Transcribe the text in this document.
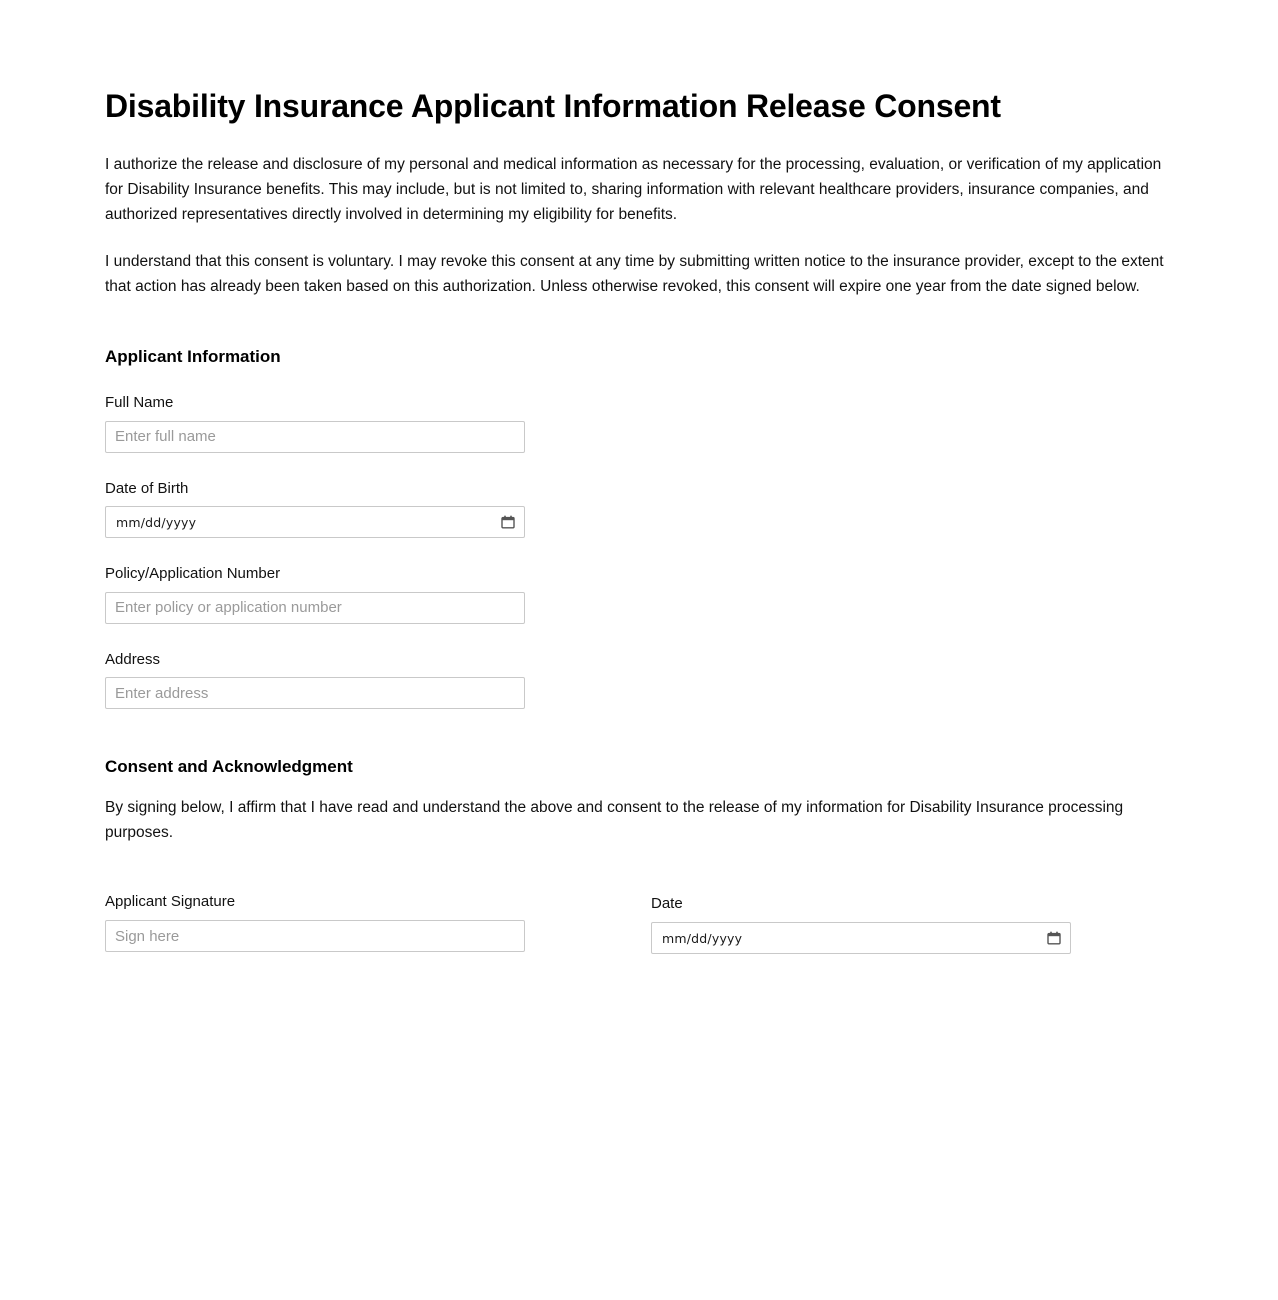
Disability Insurance Applicant Information Release Consent

I authorize the release and disclosure of my personal and medical information as necessary for the processing, evaluation, or verification of my application for Disability Insurance benefits. This may include, but is not limited to, sharing information with relevant healthcare providers, insurance companies, and authorized representatives directly involved in determining my eligibility for benefits.

I understand that this consent is voluntary. I may revoke this consent at any time by submitting written notice to the insurance provider, except to the extent that action has already been taken based on this authorization. Unless otherwise revoked, this consent will expire one year from the date signed below.

Applicant Information
Full Name
Enter full name
Date of Birth
mm/dd/yyyy
Policy/Application Number
Enter policy or application number
Address
Enter address
Consent and Acknowledgment

By signing below, I affirm that I have read and understand the above and consent to the release of my information for Disability Insurance processing purposes.

Applicant Signature
Sign here	Date
mm/dd/yyyy
